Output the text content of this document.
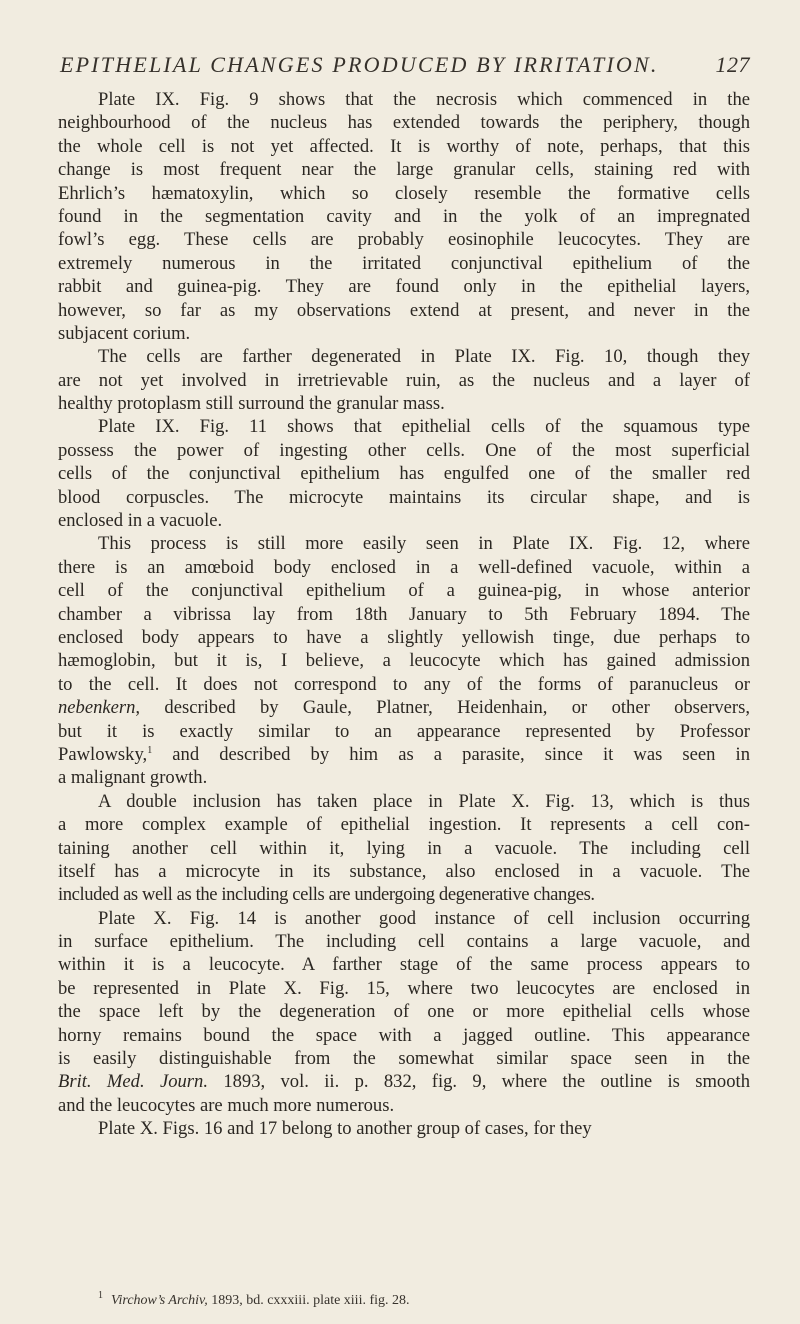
EPITHELIAL CHANGES PRODUCED BY IRRITATION.	127
Plate IX. Fig. 9 shows that the necrosis which commenced in the
neighbourhood of the nucleus has extended towards the periphery, though
the whole cell is not yet affected. It is worthy of note, perhaps, that this
change is most frequent near the large granular cells, staining red with
Ehrlich’s hæmatoxylin, which so closely resemble the formative cells
found in the segmentation cavity and in the yolk of an impregnated
fowl’s egg. These cells are probably eosinophile leucocytes. They are
extremely numerous in the irritated conjunctival epithelium of the
rabbit and guinea-pig. They are found only in the epithelial layers,
however, so far as my observations extend at present, and never in the
subjacent corium.
The cells are farther degenerated in Plate IX. Fig. 10, though they
are not yet involved in irretrievable ruin, as the nucleus and a layer of
healthy protoplasm still surround the granular mass.
Plate IX. Fig. 11 shows that epithelial cells of the squamous type
possess the power of ingesting other cells. One of the most superficial
cells of the conjunctival epithelium has engulfed one of the smaller red
blood corpuscles. The microcyte maintains its circular shape, and is
enclosed in a vacuole.
This process is still more easily seen in Plate IX. Fig. 12, where
there is an amœboid body enclosed in a well-defined vacuole, within a
cell of the conjunctival epithelium of a guinea-pig, in whose anterior
chamber a vibrissa lay from 18th January to 5th February 1894. The
enclosed body appears to have a slightly yellowish tinge, due perhaps to
hæmoglobin, but it is, I believe, a leucocyte which has gained admission
to the cell. It does not correspond to any of the forms of paranucleus or
nebenkern, described by Gaule, Platner, Heidenhain, or other observers,
but it is exactly similar to an appearance represented by Professor
Pawlowsky,$^1$ and described by him as a parasite, since it was seen in
a malignant growth.
A double inclusion has taken place in Plate X. Fig. 13, which is thus
a more complex example of epithelial ingestion. It represents a cell con-
taining another cell within it, lying in a vacuole. The including cell
itself has a microcyte in its substance, also enclosed in a vacuole. The
included as well as the including cells are undergoing degenerative changes.
Plate X. Fig. 14 is another good instance of cell inclusion occurring
in surface epithelium. The including cell contains a large vacuole, and
within it is a leucocyte. A farther stage of the same process appears to
be represented in Plate X. Fig. 15, where two leucocytes are enclosed in
the space left by the degeneration of one or more epithelial cells whose
horny remains bound the space with a jagged outline. This appearance
is easily distinguishable from the somewhat similar space seen in the
Brit. Med. Journ. 1893, vol. ii. p. 832, fig. 9, where the outline is smooth
and the leucocytes are much more numerous.
Plate X. Figs. 16 and 17 belong to another group of cases, for they
$^1$ Virchow’s Archiv, 1893, bd. cxxxiii. plate xiii. fig. 28.
